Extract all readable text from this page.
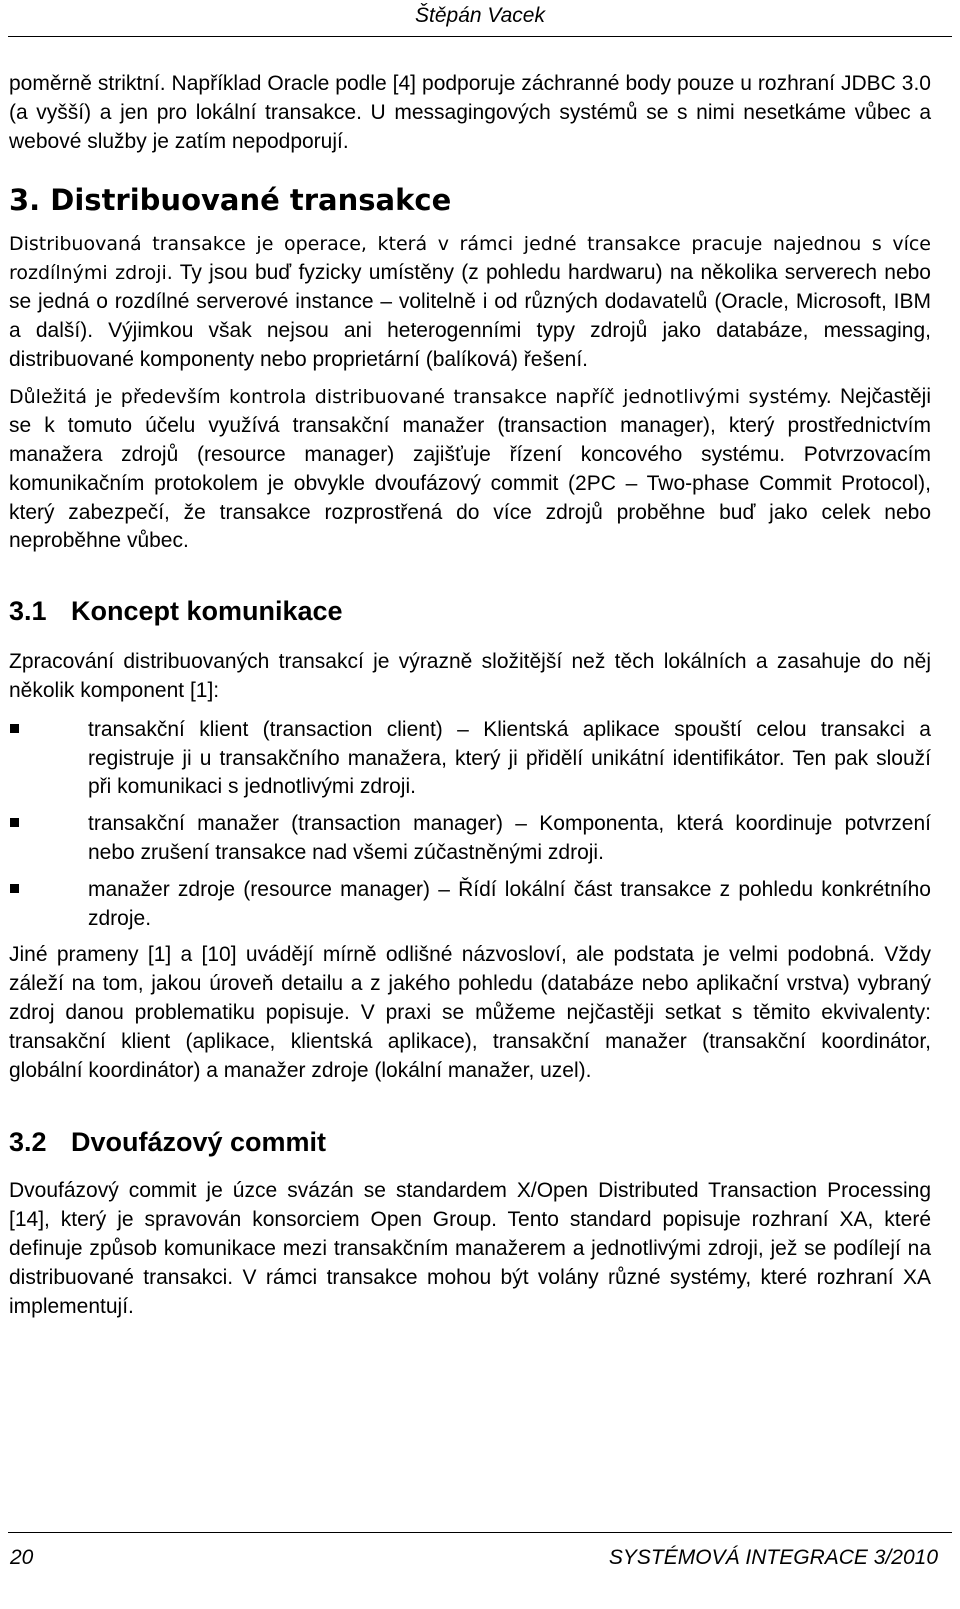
Štěpán Vacek

poměrně striktní. Například Oracle podle [4] podporuje záchranné body pouze u rozhraní JDBC 3.0 (a vyšší) a jen pro lokální transakce. U messagingových systémů se s nimi nesetkáme vůbec a webové služby je zatím nepodporují.

3. Distribuované transakce

Distribuovaná transakce je operace, která v rámci jedné transakce pracuje najednou s více rozdílnými zdroji. Ty jsou buď fyzicky umístěny (z pohledu hardwaru) na několika serverech nebo se jedná o rozdílné serverové instance – volitelně i od různých dodavatelů (Oracle, Microsoft, IBM a další). Výjimkou však nejsou ani heterogenními typy zdrojů jako databáze, messaging, distribuované komponenty nebo proprietární (balíková) řešení.

Důležitá je především kontrola distribuované transakce napříč jednotlivými systémy. Nejčastěji se k tomuto účelu využívá transakční manažer (transaction manager), který prostřednictvím manažera zdrojů (resource manager) zajišťuje řízení koncového systému. Potvrzovacím komunikačním protokolem je obvykle dvoufázový commit (2PC – Two-phase Commit Protocol), který zabezpečí, že transakce rozprostřená do více zdrojů proběhne buď jako celek nebo neproběhne vůbec.

3.1 Koncept komunikace

Zpracování distribuovaných transakcí je výrazně složitější než těch lokálních a zasahuje do něj několik komponent [1]:

transakční klient (transaction client) – Klientská aplikace spouští celou transakci a registruje ji u transakčního manažera, který ji přidělí unikátní identifikátor. Ten pak slouží při komunikaci s jednotlivými zdroji.
transakční manažer (transaction manager) – Komponenta, která koordinuje potvrzení nebo zrušení transakce nad všemi zúčastněnými zdroji.
manažer zdroje (resource manager) – Řídí lokální část transakce z pohledu konkrétního zdroje.

Jiné prameny [1] a [10] uvádějí mírně odlišné názvosloví, ale podstata je velmi podobná. Vždy záleží na tom, jakou úroveň detailu a z jakého pohledu (databáze nebo aplikační vrstva) vybraný zdroj danou problematiku popisuje. V praxi se můžeme nejčastěji setkat s těmito ekvivalenty: transakční klient (aplikace, klientská aplikace), transakční manažer (transakční koordinátor, globální koordinátor) a manažer zdroje (lokální manažer, uzel).

3.2 Dvoufázový commit

Dvoufázový commit je úzce svázán se standardem X/Open Distributed Transaction Processing [14], který je spravován konsorciem Open Group. Tento standard popisuje rozhraní XA, které definuje způsob komunikace mezi transakčním manažerem a jednotlivými zdroji, jež se podílejí na distribuované transakci. V rámci transakce mohou být volány různé systémy, které rozhraní XA implementují.

20	SYSTÉMOVÁ INTEGRACE 3/2010
